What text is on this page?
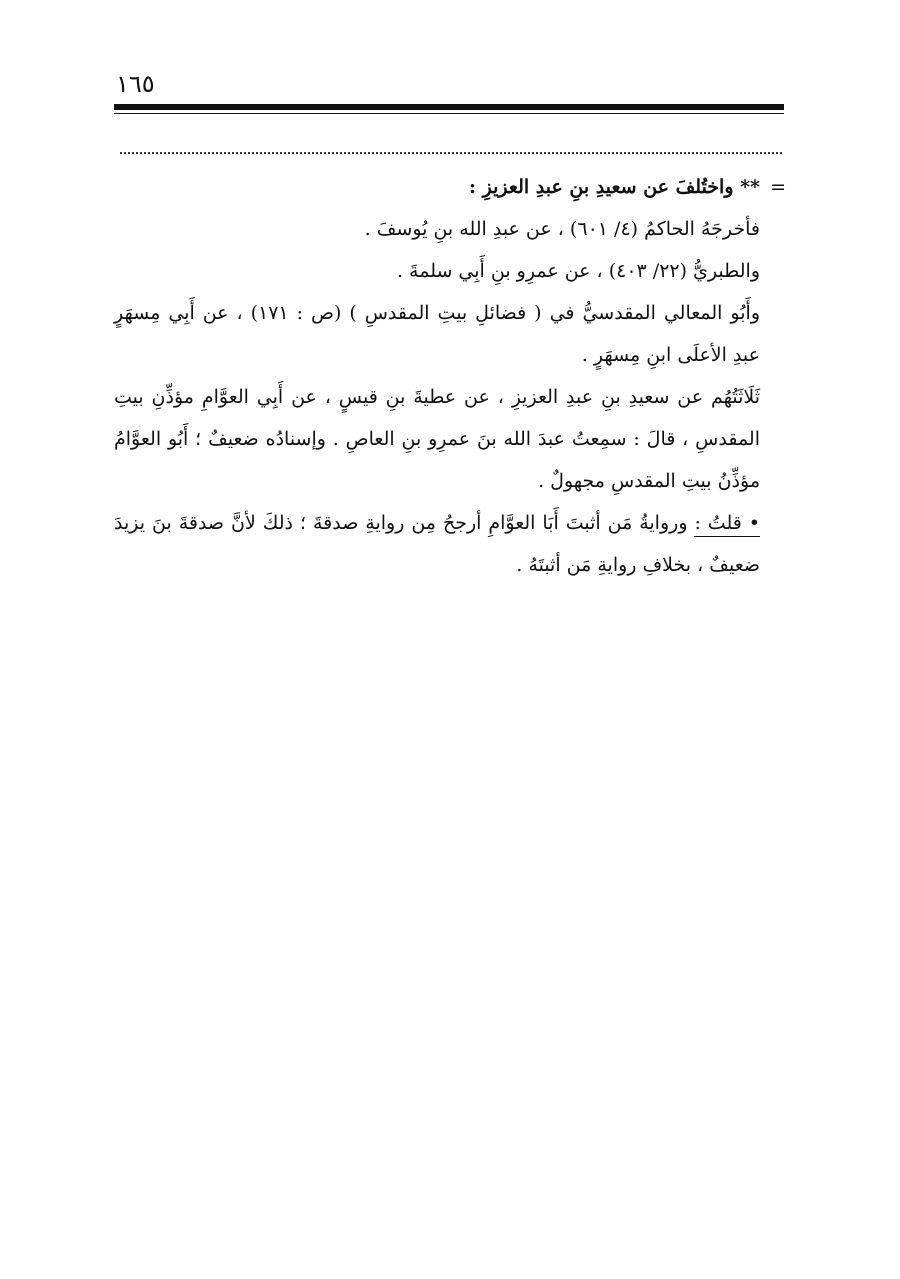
١٦٥

=
** واختُلفَ عن سعيدِ بنِ عبدِ العزيزِ :

فأخرجَهُ الحاكمُ (٤/ ٦٠١) ، عن عبدِ الله بنِ يُوسفَ .

والطبريُّ (٢٢/ ٤٠٣) ، عن عمرِو بنِ أَبِي سلمةَ .

وأَبُو المعالي المقدسيُّ في ( فضائلِ بيتِ المقدسِ ) (ص : ١٧١) ، عن أَبِي مِسهَرٍ عبدِ الأعلَى ابنِ مِسهَرٍ .

ثَلَاثَتُهُم عن سعيدِ بنِ عبدِ العزيزِ ، عن عطيةَ بنِ قيسٍ ، عن أَبِي العوَّامِ مؤذِّنِ بيتِ المقدسِ ، قالَ : سمِعتُ عبدَ الله بنَ عمرِو بنِ العاصِ . وإسنادُه ضعيفٌ ؛ أَبُو العوَّامُ مؤذِّنُ بيتِ المقدسِ مجهولٌ .

• قلتُ : وروايةُ مَن أثبتَ أَبَا العوَّامِ أرجحُ مِن روايةِ صدقةَ ؛ ذلكَ لأنَّ صدقةَ بنَ يزيدَ ضعيفٌ ، بخلافِ روايةِ مَن أثبتَهُ .
